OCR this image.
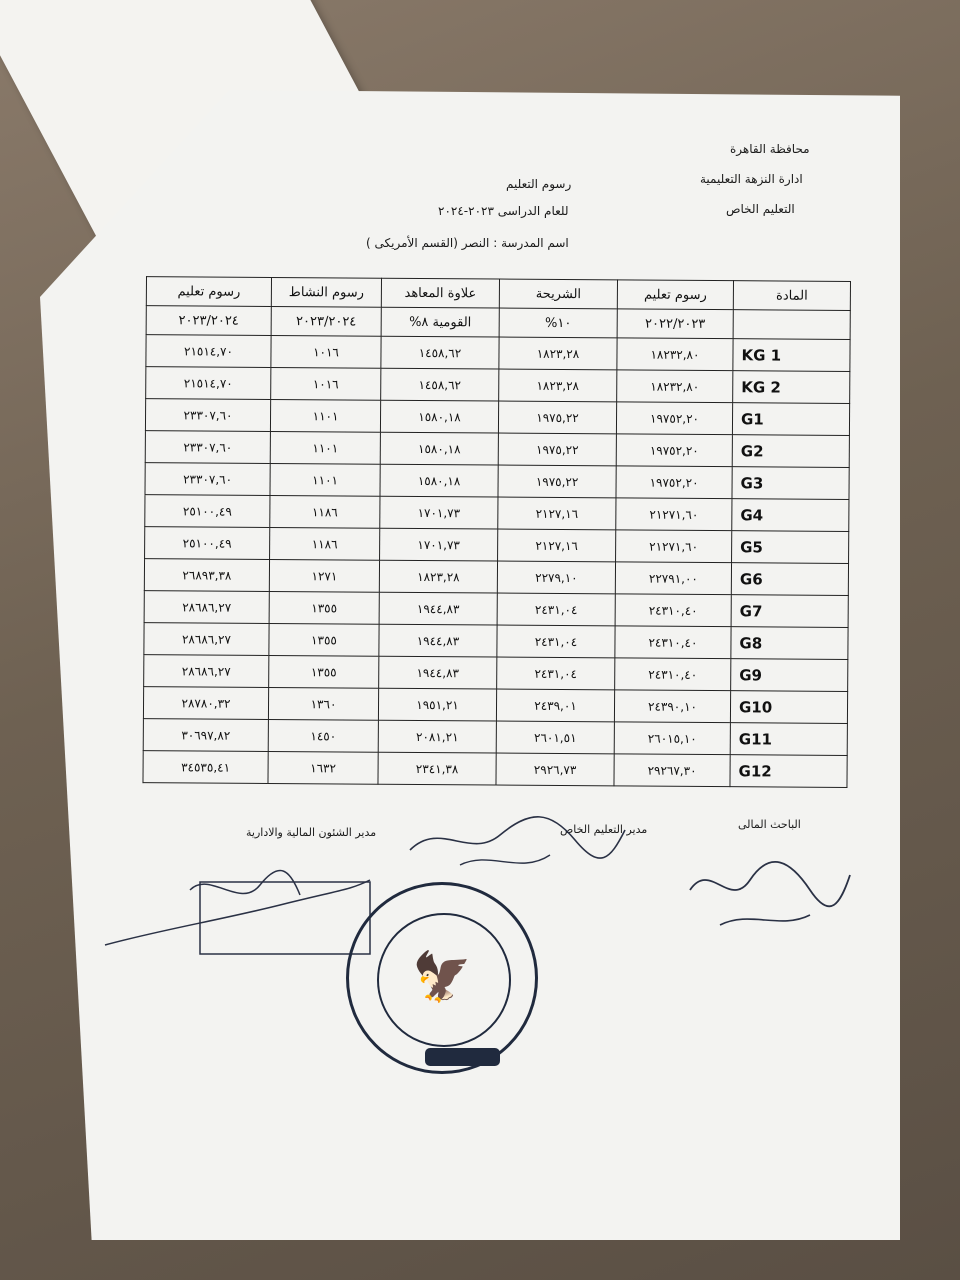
محافظة القاهرة
ادارة النزهة التعليمية
التعليم الخاص
رسوم التعليم
للعام الدراسى ٢٠٢٣-٢٠٢٤
اسم المدرسة : النصر (القسم الأمريكى )
المادة	رسوم تعليم	الشريحة	علاوة المعاهد	رسوم النشاط	رسوم تعليم
	٢٠٢٢/٢٠٢٣	١٠%	القومية ٨%	٢٠٢٣/٢٠٢٤	٢٠٢٣/٢٠٢٤
KG 1	١٨٢٣٢,٨٠	١٨٢٣,٢٨	١٤٥٨,٦٢	١٠١٦	٢١٥١٤,٧٠
KG 2	١٨٢٣٢,٨٠	١٨٢٣,٢٨	١٤٥٨,٦٢	١٠١٦	٢١٥١٤,٧٠
G1	١٩٧٥٢,٢٠	١٩٧٥,٢٢	١٥٨٠,١٨	١١٠١	٢٣٣٠٧,٦٠
G2	١٩٧٥٢,٢٠	١٩٧٥,٢٢	١٥٨٠,١٨	١١٠١	٢٣٣٠٧,٦٠
G3	١٩٧٥٢,٢٠	١٩٧٥,٢٢	١٥٨٠,١٨	١١٠١	٢٣٣٠٧,٦٠
G4	٢١٢٧١,٦٠	٢١٢٧,١٦	١٧٠١,٧٣	١١٨٦	٢٥١٠٠,٤٩
G5	٢١٢٧١,٦٠	٢١٢٧,١٦	١٧٠١,٧٣	١١٨٦	٢٥١٠٠,٤٩
G6	٢٢٧٩١,٠٠	٢٢٧٩,١٠	١٨٢٣,٢٨	١٢٧١	٢٦٨٩٣,٣٨
G7	٢٤٣١٠,٤٠	٢٤٣١,٠٤	١٩٤٤,٨٣	١٣٥٥	٢٨٦٨٦,٢٧
G8	٢٤٣١٠,٤٠	٢٤٣١,٠٤	١٩٤٤,٨٣	١٣٥٥	٢٨٦٨٦,٢٧
G9	٢٤٣١٠,٤٠	٢٤٣١,٠٤	١٩٤٤,٨٣	١٣٥٥	٢٨٦٨٦,٢٧
G10	٢٤٣٩٠,١٠	٢٤٣٩,٠١	١٩٥١,٢١	١٣٦٠	٢٨٧٨٠,٣٢
G11	٢٦٠١٥,١٠	٢٦٠١,٥١	٢٠٨١,٢١	١٤٥٠	٣٠٦٩٧,٨٢
G12	٢٩٢٦٧,٣٠	٢٩٢٦,٧٣	٢٣٤١,٣٨	١٦٣٢	٣٤٥٣٥,٤١
الباحث المالى
مدير التعليم الخاص
مدير الشئون المالية والادارية
🦅
